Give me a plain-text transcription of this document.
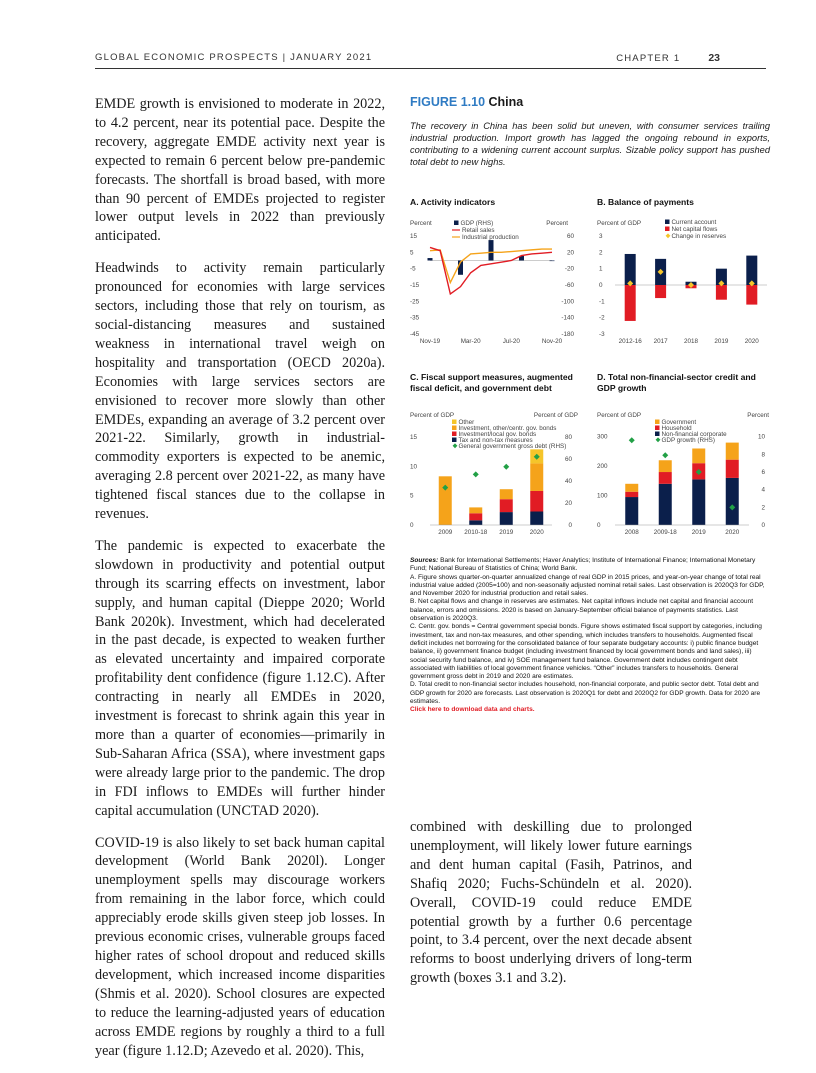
GLOBAL ECONOMIC PROSPECTS | JANUARY 2021	CHAPTER 1	23

EMDE growth is envisioned to moderate in 2022, to 4.2 percent, near its potential pace. Despite the recovery, aggregate EMDE activity next year is expected to remain 6 percent below pre-pandemic forecasts. The shortfall is broad based, with more than 90 percent of EMDEs projected to register lower output levels in 2022 than previously anticipated.

Headwinds to activity remain particularly pronounced for economies with large services sectors, including those that rely on tourism, as social-distancing measures and sustained weakness in international travel weigh on hospitality and transportation (OECD 2020a). Economies with large services sectors are envisioned to recover more slowly than other EMDEs, expanding an average of 3.2 percent over 2021-22. Similarly, growth in industrial-commodity exporters is expected to be anemic, averaging 2.8 percent over 2021-22, as many have tightened fiscal stances due to the collapse in revenues.

The pandemic is expected to exacerbate the slowdown in productivity and potential output through its scarring effects on investment, labor supply, and human capital (Dieppe 2020; World Bank 2020k). Investment, which had decelerated in the past decade, is expected to weaken further as elevated uncertainty and impaired corporate profitability dent confidence (figure 1.12.C). After contracting in nearly all EMDEs in 2020, investment is forecast to shrink again this year in more than a quarter of economies—primarily in Sub-Saharan Africa (SSA), where investment gaps were already large prior to the pandemic. The drop in FDI inflows to EMDEs will further hinder capital accumulation (UNCTAD 2020).

COVID-19 is also likely to set back human capital development (World Bank 2020l). Longer unemployment spells may discourage workers from remaining in the labor force, which could appreciably erode skills given steep job losses. In previous economic crises, vulnerable groups faced higher rates of school dropout and reduced skills development, which increased income disparities (Shmis et al. 2020). School closures are expected to reduce the learning-adjusted years of education across EMDE regions by roughly a third to a full year (figure 1.12.D; Azevedo et al. 2020). This,

FIGURE 1.10 China

The recovery in China has been solid but uneven, with consumer services trailing industrial production. Import growth has lagged the ongoing rebound in exports, contributing to a widening current account surplus. Sizable policy support has pushed total debt to new highs.

A. Activity indicators	B. Balance of payments
C. Fiscal support measures, augmented fiscal deficit, and government debt
D. Total non-financial-sector credit and GDP growth
Percent	Percent
15
5
-5
-15
-25
-35
-45
60
20
-20
-60
-100
-140
-180
Nov-19	Mar-20	Jul-20	Nov-20
GDP (RHS)
Retail sales
Industrial production
Percent of GDP
3
2
1
0
-1
-2
-3
2012-16 2017	2018	2019	2020
Current account
Net capital flows
Change in reserves
Percent of GDP	Percent of GDP
15
10
5
0
80
60
40
20
0
2009 2010-18 2019	2020
Other
Investment, other/centr. gov. bonds
Investment/local gov. bonds
Tax and non-tax measures
General government gross debt (RHS)
Percent of GDP	Percent
300
200
100
0
10
8
6
4
2
0
2008 2009-18 2019	2020
Government
Household
Non-financial corporate
GDP growth (RHS)

Sources: Bank for International Settlements; Haver Analytics; Institute of International Finance; International Monetary Fund; National Bureau of Statistics of China; World Bank.

A. Figure shows quarter-on-quarter annualized change of real GDP in 2015 prices, and year-on-year change of total real industrial value added (2005=100) and non-seasonally adjusted nominal retail sales. Last observation is 2020Q3 for GDP, and November 2020 for industrial production and retail sales.

B. Net capital flows and change in reserves are estimates. Net capital inflows include net capital and financial account balance, errors and omissions. 2020 is based on January-September official balance of payments statistics. Last observation is 2020Q3.

C. Centr. gov. bonds = Central government special bonds. Figure shows estimated fiscal support by categories, including investment, tax and non-tax measures, and other spending, which includes transfers to households. Augmented fiscal deficit includes net borrowing for the consolidated balance of four separate budgetary accounts: i) public finance budget balance, ii) government finance budget (including investment financed by local government bonds and land sales), iii) social security fund balance, and iv) SOE management fund balance. Government debt includes contingent debt associated with liabilities of local government finance vehicles. “Other” includes transfers to households. General government gross debt in 2019 and 2020 are estimates.

D. Total credit to non-financial sector includes household, non-financial corporate, and public sector debt. Total debt and GDP growth for 2020 are forecasts. Last observation is 2020Q1 for debt and 2020Q2 for GDP growth. Data for 2020 are estimates.

Click here to download data and charts.

combined with deskilling due to prolonged unemployment, will likely lower future earnings and dent human capital (Fasih, Patrinos, and Shafiq 2020; Fuchs-Schündeln et al. 2020). Overall, COVID-19 could reduce EMDE potential growth by a further 0.6 percentage point, to 3.4 percent, over the next decade absent reforms to boost underlying drivers of long-term growth (boxes 3.1 and 3.2).
